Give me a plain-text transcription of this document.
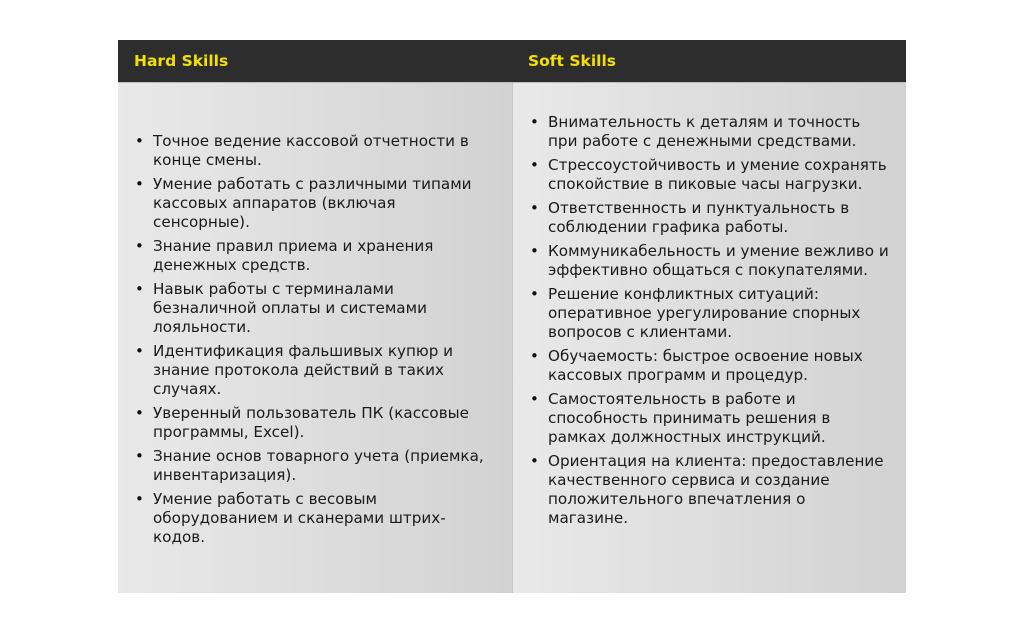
Hard Skills	Soft Skills
• Точное ведение кассовой отчетности в конце смены.
• Умение работать с различными типами кассовых аппаратов (включая сенсорные).
• Знание правил приема и хранения денежных средств.
• Навык работы с терминалами безналичной оплаты и системами лояльности.
• Идентификация фальшивых купюр и знание протокола действий в таких случаях.
• Уверенный пользователь ПК (кассовые программы, Excel).
• Знание основ товарного учета (приемка, инвентаризация).
• Умение работать с весовым оборудованием и сканерами штрих-кодов.
• Внимательность к деталям и точность при работе с денежными средствами.
• Стрессоустойчивость и умение сохранять спокойствие в пиковые часы нагрузки.
• Ответственность и пунктуальность в соблюдении графика работы.
• Коммуникабельность и умение вежливо и эффективно общаться с покупателями.
• Решение конфликтных ситуаций: оперативное урегулирование спорных вопросов с клиентами.
• Обучаемость: быстрое освоение новых кассовых программ и процедур.
• Самостоятельность в работе и способность принимать решения в рамках должностных инструкций.
• Ориентация на клиента: предоставление качественного сервиса и создание положительного впечатления о магазине.
